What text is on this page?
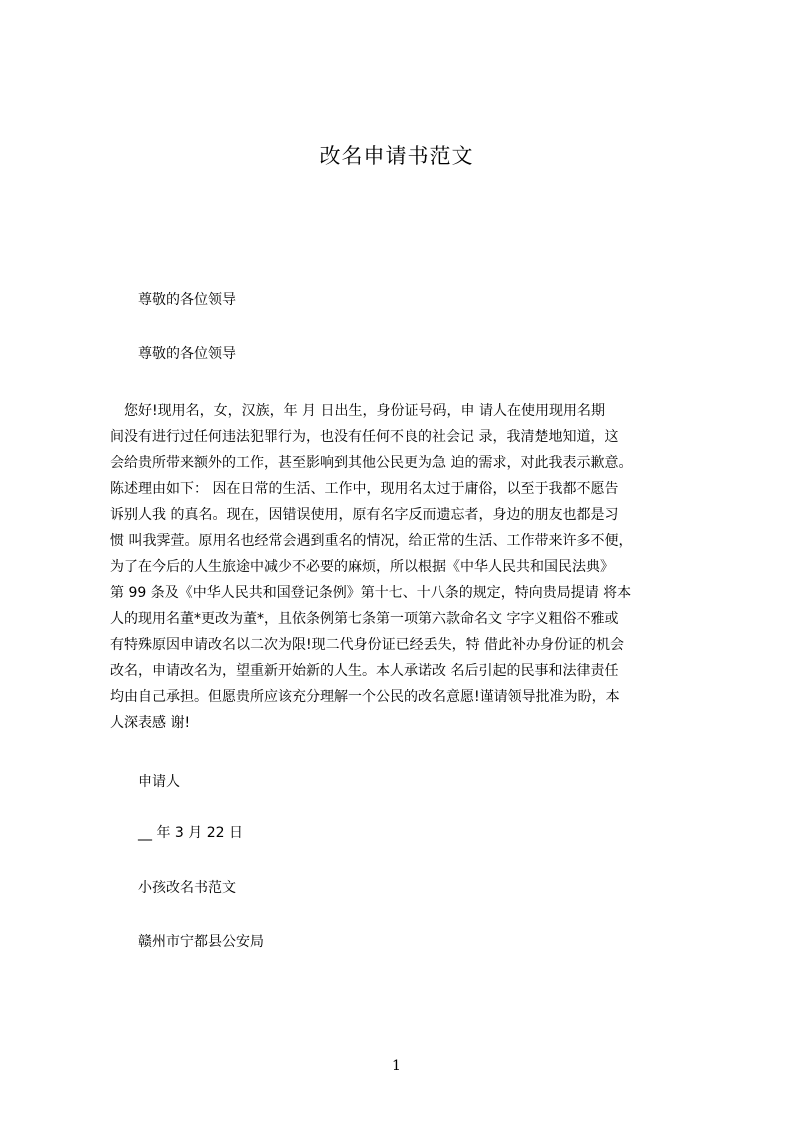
改名申请书范文
尊敬的各位领导
尊敬的各位领导
　您好!现用名，女，汉族，年 月 日出生，身份证号码，申 请人在使用现用名期
间没有进行过任何违法犯罪行为，也没有任何不良的社会记 录，我清楚地知道，这
会给贵所带来额外的工作，甚至影响到其他公民更为急 迫的需求，对此我表示歉意。
陈述理由如下： 因在日常的生活、工作中，现用名太过于庸俗，以至于我都不愿告
诉别人我 的真名。现在，因错误使用，原有名字反而遗忘者，身边的朋友也都是习
惯 叫我霁萱。原用名也经常会遇到重名的情况，给正常的生活、工作带来许多不便，
为了在今后的人生旅途中减少不必要的麻烦，所以根据《中华人民共和国民法典》
第 99 条及《中华人民共和国登记条例》第十七、十八条的规定，特向贵局提请 将本
人的现用名董*更改为董*，且依条例第七条第一项第六款命名文 字字义粗俗不雅或
有特殊原因申请改名以二次为限!现二代身份证已经丢失，特 借此补办身份证的机会
改名，申请改名为，望重新开始新的人生。本人承诺改 名后引起的民事和法律责任
均由自己承担。但愿贵所应该充分理解一个公民的改名意愿!谨请领导批准为盼，本
人深表感 谢!
申请人
__ 年 3 月 22 日
小孩改名书范文
赣州市宁都县公安局
1
